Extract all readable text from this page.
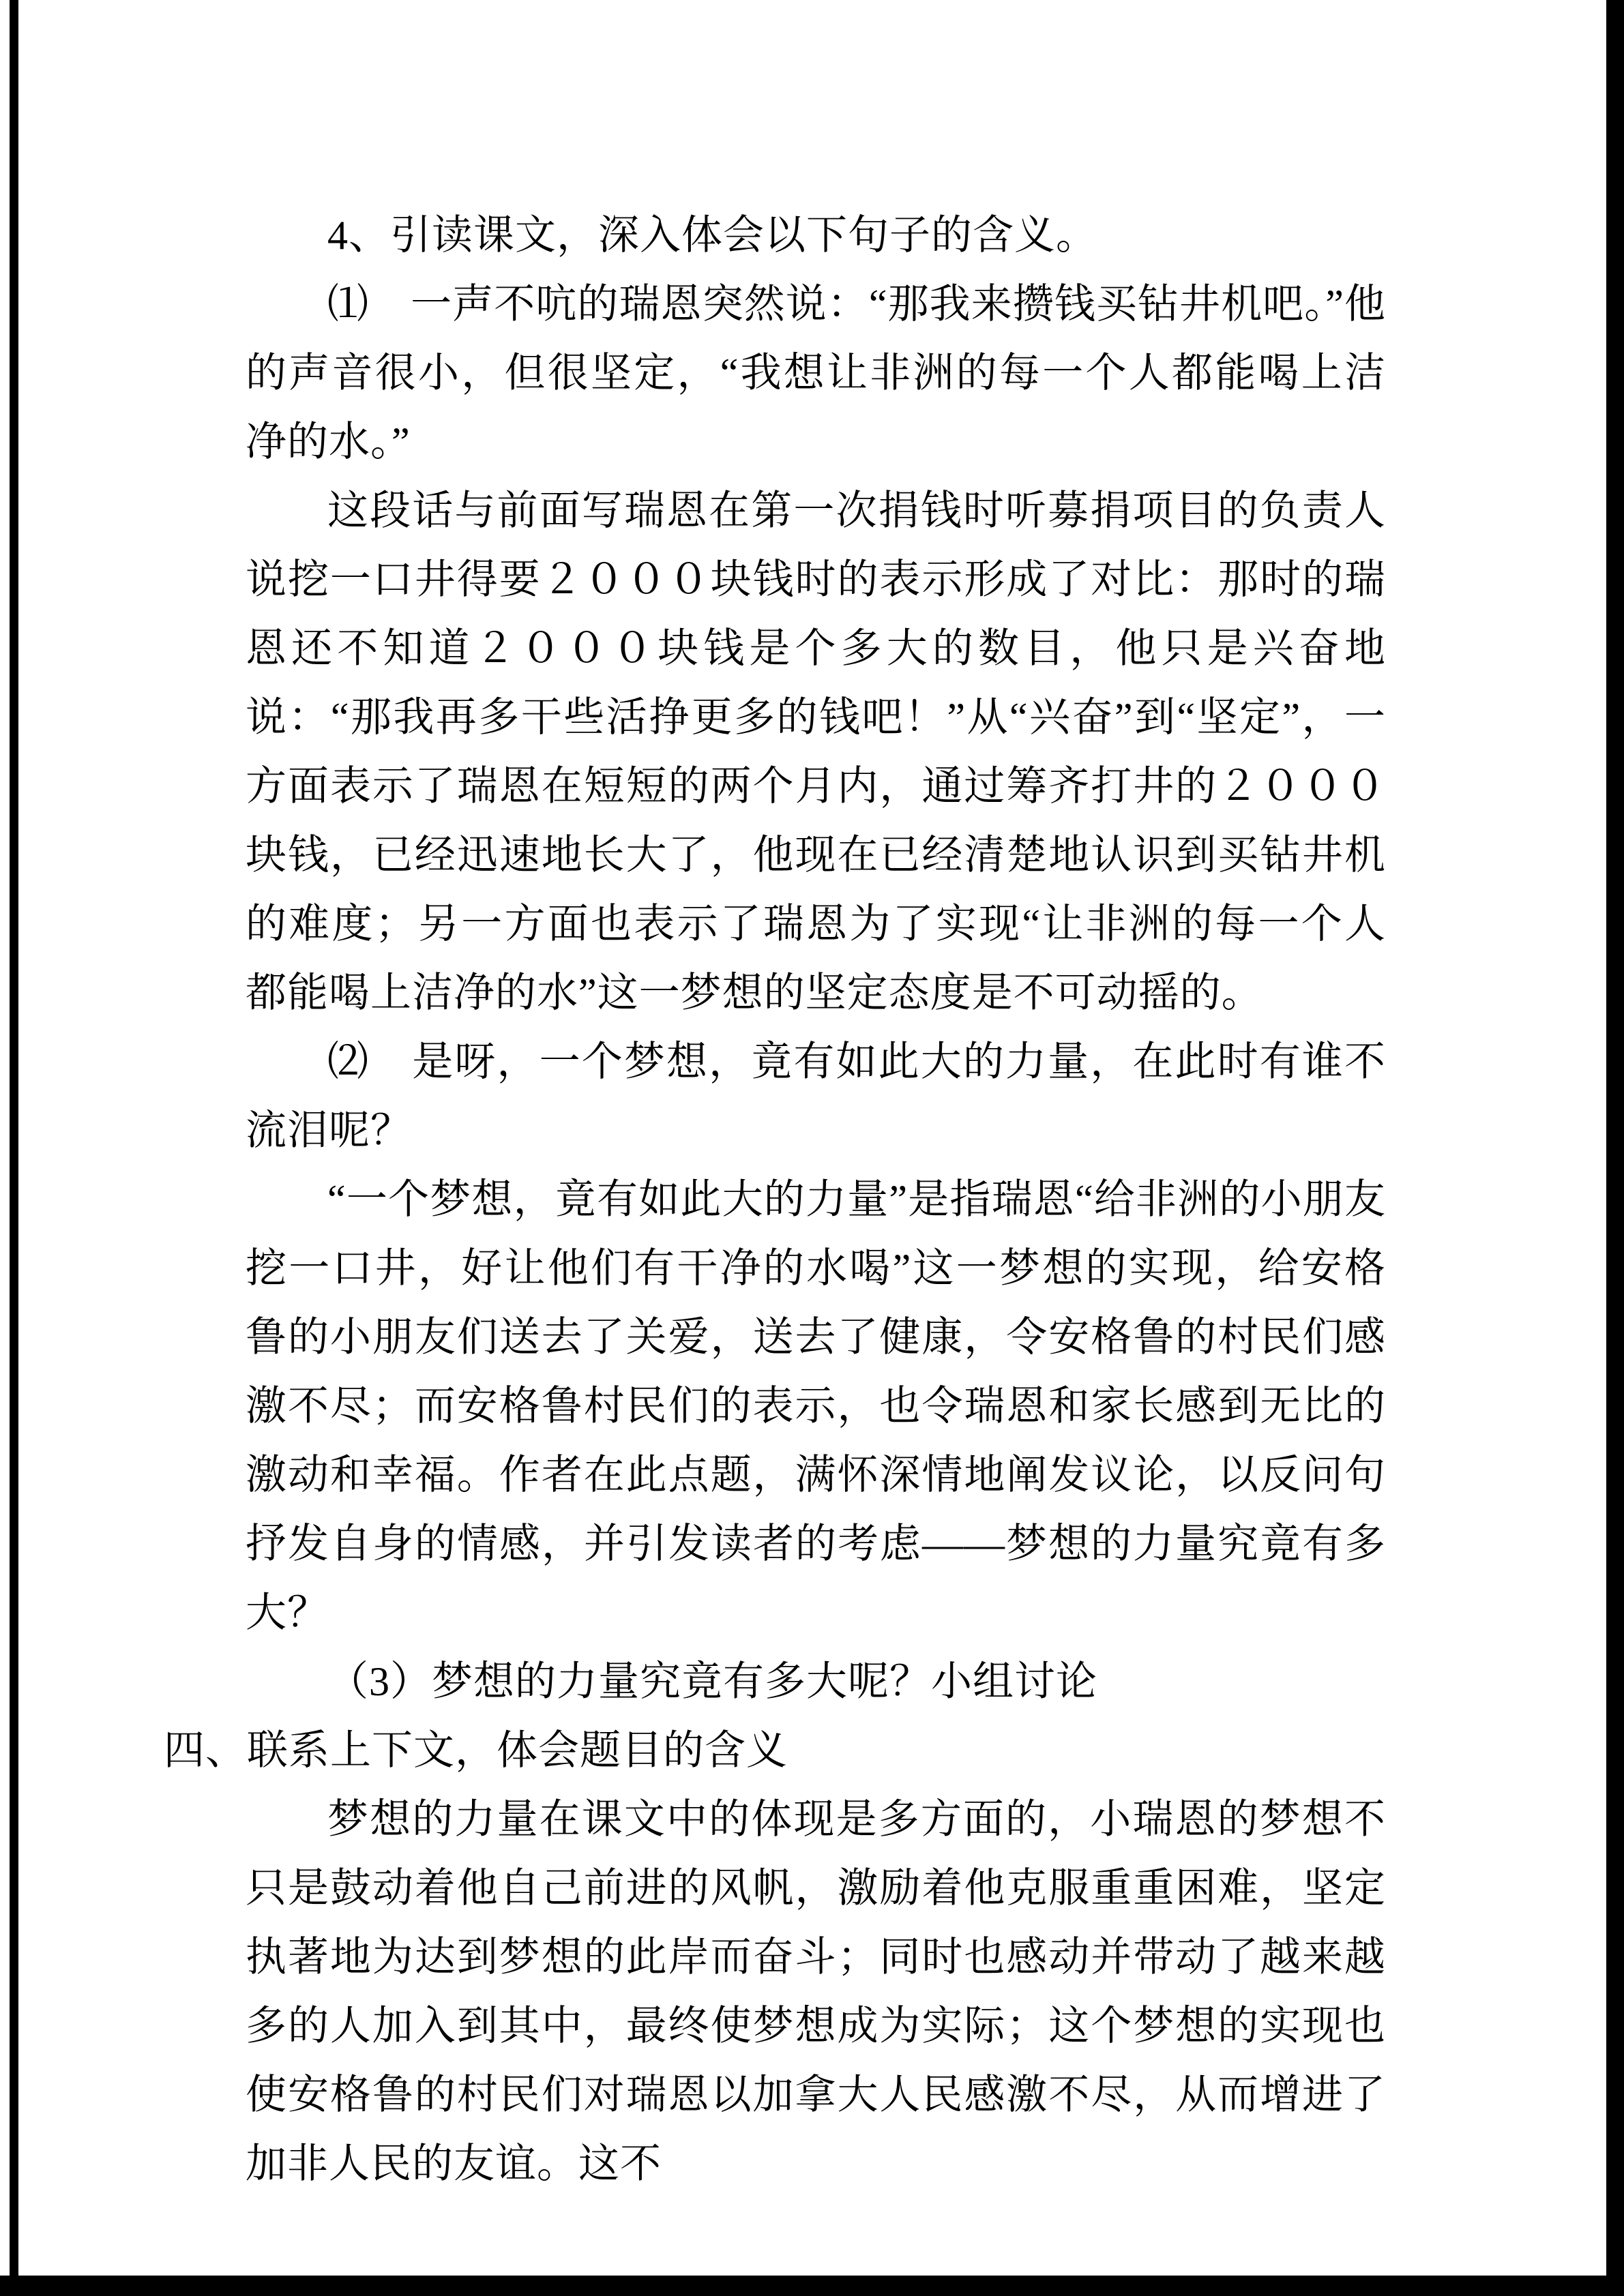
4、引读课文，深入体会以下句子的含义。

⑴　一声不吭的瑞恩突然说：“那我来攒钱买钻井机吧。”他的声音很小，但很坚定，“我想让非洲的每一个人都能喝上洁净的水。”

这段话与前面写瑞恩在第一次捐钱时听募捐项目的负责人说挖一口井得要２０００块钱时的表示形成了对比：那时的瑞恩还不知道２０００块钱是个多大的数目，他只是兴奋地说：“那我再多干些活挣更多的钱吧！”从“兴奋”到“坚定”，一方面表示了瑞恩在短短的两个月内，通过筹齐打井的２０００块钱，已经迅速地长大了，他现在已经清楚地认识到买钻井机的难度；另一方面也表示了瑞恩为了实现“让非洲的每一个人都能喝上洁净的水”这一梦想的坚定态度是不可动摇的。

⑵　是呀，一个梦想，竟有如此大的力量，在此时有谁不流泪呢？

“一个梦想，竟有如此大的力量”是指瑞恩“给非洲的小朋友挖一口井，好让他们有干净的水喝”这一梦想的实现，给安格鲁的小朋友们送去了关爱，送去了健康，令安格鲁的村民们感激不尽；而安格鲁村民们的表示，也令瑞恩和家长感到无比的激动和幸福。作者在此点题，满怀深情地阐发议论，以反问句抒发自身的情感，并引发读者的考虑——梦想的力量究竟有多大？

（3）梦想的力量究竟有多大呢？小组讨论

四、联系上下文，体会题目的含义

梦想的力量在课文中的体现是多方面的，小瑞恩的梦想不只是鼓动着他自己前进的风帆，激励着他克服重重困难，坚定执著地为达到梦想的此岸而奋斗；同时也感动并带动了越来越多的人加入到其中，最终使梦想成为实际；这个梦想的实现也使安格鲁的村民们对瑞恩以加拿大人民感激不尽，从而增进了加非人民的友谊。这不
